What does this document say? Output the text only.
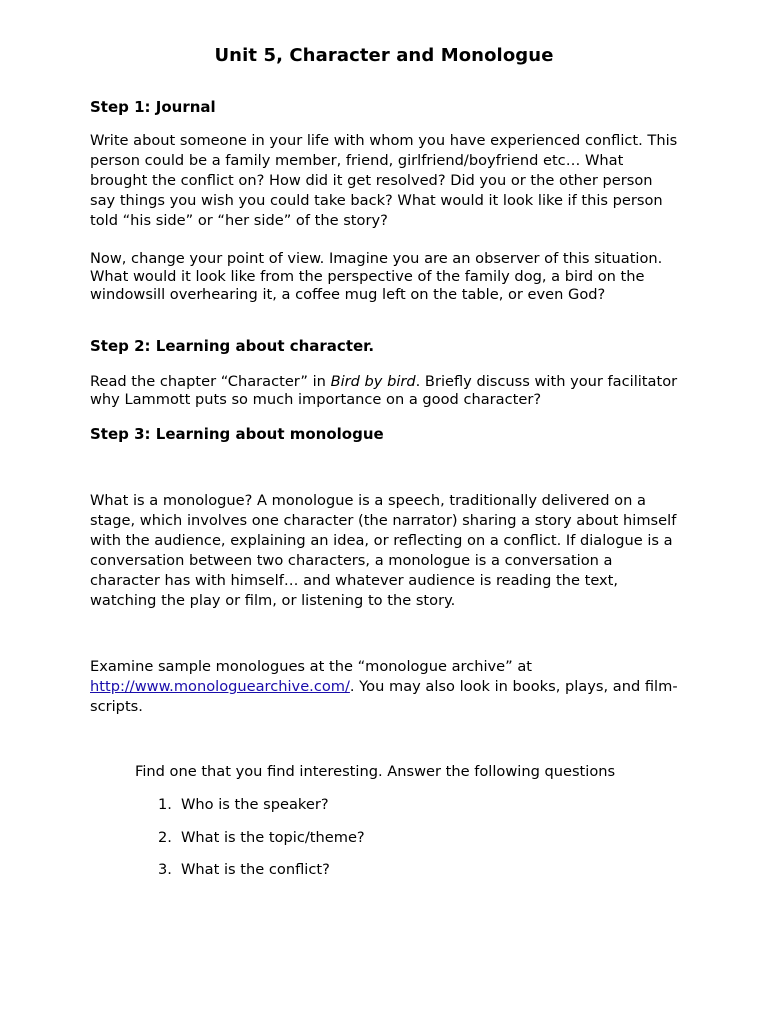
Unit 5, Character and Monologue
Step 1: Journal

Write about someone in your life with whom you have experienced conflict. This person could be a family member, friend, girlfriend/boyfriend etc… What brought the conflict on? How did it get resolved? Did you or the other person say things you wish you could take back? What would it look like if this person told “his side” or “her side” of the story?

Now, change your point of view. Imagine you are an observer of this situation. What would it look like from the perspective of the family dog, a bird on the windowsill overhearing it, a coffee mug left on the table, or even God?

Step 2: Learning about character.

Read the chapter “Character” in Bird by bird. Briefly discuss with your facilitator why Lammott puts so much importance on a good character?

Step 3: Learning about monologue

What is a monologue? A monologue is a speech, traditionally delivered on a stage, which involves one character (the narrator) sharing a story about himself with the audience, explaining an idea, or reflecting on a conflict. If dialogue is a conversation between two characters, a monologue is a conversation a character has with himself… and whatever audience is reading the text, watching the play or film, or listening to the story.

Examine sample monologues at the “monologue archive” at http://www.monologuearchive.com/. You may also look in books, plays, and film-scripts.

Find one that you find interesting. Answer the following questions
1. Who is the speaker?
2. What is the topic/theme?
3. What is the conflict?
